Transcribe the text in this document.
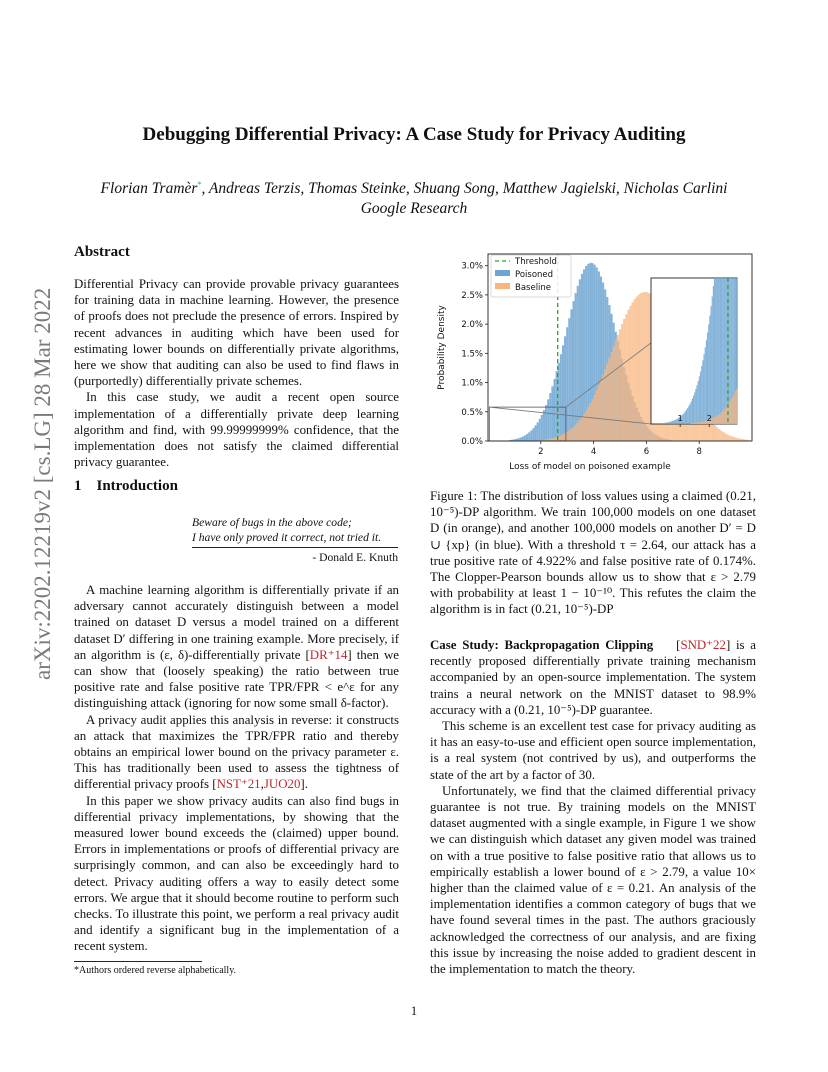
arXiv:2202.12219v2 [cs.LG] 28 Mar 2022
Debugging Differential Privacy: A Case Study for Privacy Auditing
Florian Tramèr*, Andreas Terzis, Thomas Steinke, Shuang Song, Matthew Jagielski, Nicholas Carlini
Google Research
Abstract

Differential Privacy can provide provable privacy guarantees for training data in machine learning. However, the presence of proofs does not preclude the presence of errors. Inspired by recent advances in auditing which have been used for estimating lower bounds on differentially private algorithms, here we show that auditing can also be used to find flaws in (purportedly) differentially private schemes.

In this case study, we audit a recent open source implementation of a differentially private deep learning algorithm and find, with 99.99999999% confidence, that the implementation does not satisfy the claimed differential privacy guarantee.

1 Introduction
Beware of bugs in the above code;
I have only proved it correct, not tried it.
- Donald E. Knuth

A machine learning algorithm is differentially private if an adversary cannot accurately distinguish between a model trained on dataset D versus a model trained on a different dataset D′ differing in one training example. More precisely, if an algorithm is (ε, δ)-differentially private [DR⁺14] then we can show that (loosely speaking) the ratio between true positive rate and false positive rate TPR/FPR < e^ε for any distinguishing attack (ignoring for now some small δ-factor).

A privacy audit applies this analysis in reverse: it constructs an attack that maximizes the TPR/FPR ratio and thereby obtains an empirical lower bound on the privacy parameter ε. This has traditionally been used to assess the tightness of differential privacy proofs [NST⁺21,JUO20].

In this paper we show privacy audits can also find bugs in differential privacy implementations, by showing that the measured lower bound exceeds the (claimed) upper bound. Errors in implementations or proofs of differential privacy are surprisingly common, and can also be exceedingly hard to detect. Privacy auditing offers a way to easily detect some errors. We argue that it should become routine to perform such checks. To illustrate this point, we perform a real privacy audit and identify a significant bug in the implementation of a recent system.

*Authors ordered reverse alphabetically.
1
1	2
2	4	6	8
0.0%
0.5%
1.0%
1.5%
2.0%
2.5%
3.0%
Loss of model on poisoned example
Probability Density
Threshold
Poisoned
Baseline
Figure 1: The distribution of loss values using a claimed (0.21, 10⁻⁵)-DP algorithm. We train 100,000 models on one dataset D (in orange), and another 100,000 models on another D′ = D ∪ {xp} (in blue). With a threshold τ = 2.64, our attack has a true positive rate of 4.922% and false positive rate of 0.174%. The Clopper-Pearson bounds allow us to show that ε > 2.79 with probability at least 1 − 10⁻¹⁰. This refutes the claim the algorithm is in fact (0.21, 10⁻⁵)-DP

Case Study: Backpropagation Clipping    [SND⁺22] is a recently proposed differentially private training mechanism accompanied by an open-source implementation. The system trains a neural network on the MNIST dataset to 98.9% accuracy with a (0.21, 10⁻⁵)-DP guarantee.

This scheme is an excellent test case for privacy auditing as it has an easy-to-use and efficient open source implementation, is a real system (not contrived by us), and outperforms the state of the art by a factor of 30.

Unfortunately, we find that the claimed differential privacy guarantee is not true. By training models on the MNIST dataset augmented with a single example, in Figure 1 we show we can distinguish which dataset any given model was trained on with a true positive to false positive ratio that allows us to empirically establish a lower bound of ε > 2.79, a value 10× higher than the claimed value of ε = 0.21. An analysis of the implementation identifies a common category of bugs that we have found several times in the past. The authors graciously acknowledged the correctness of our analysis, and are fixing this issue by increasing the noise added to gradient descent in the implementation to match the theory.
